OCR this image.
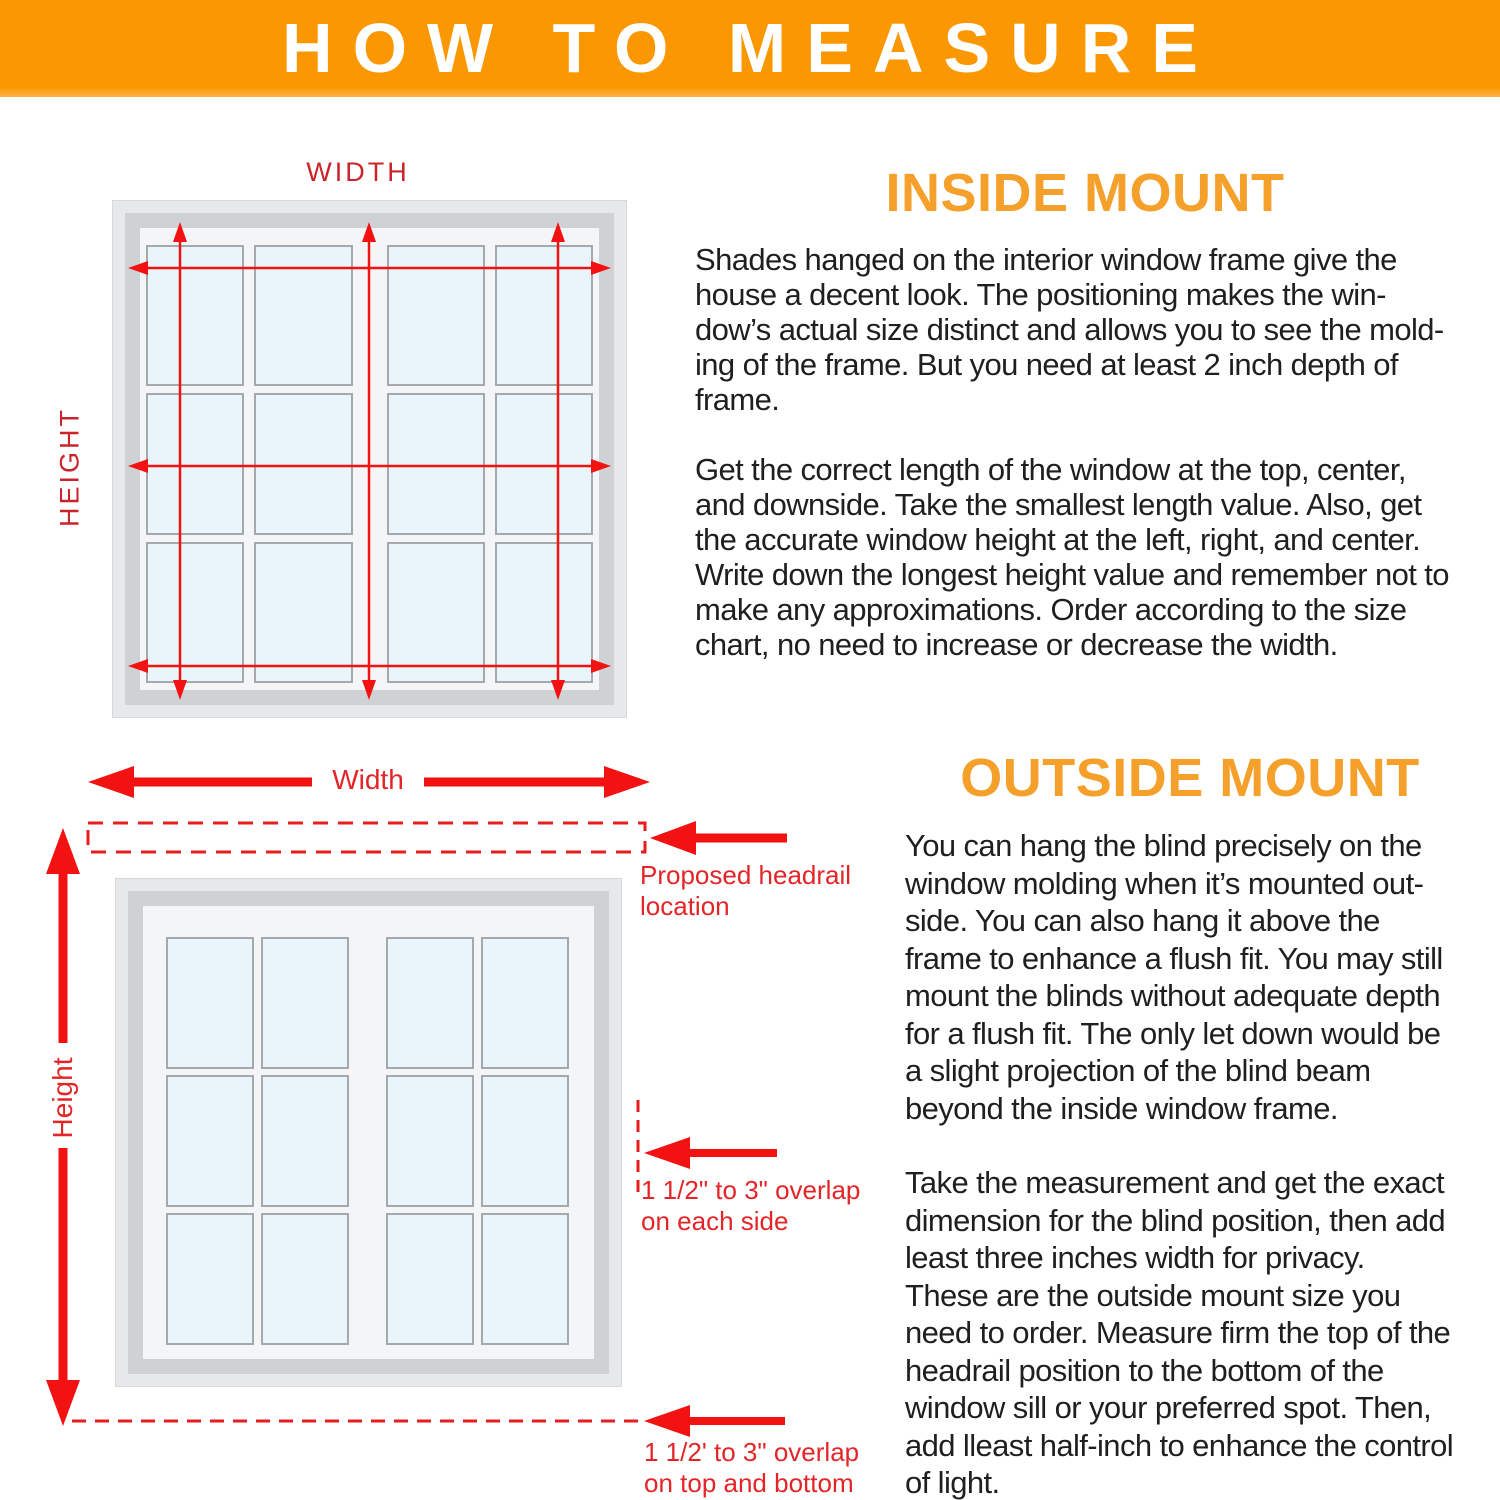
HOW TO MEASURE
WIDTH
HEIGHT
Width
Height
Proposed headrail
location
1 1/2" to 3" overlap
on each side
1 1/2' to 3" overlap
on top and bottom
INSIDE MOUNT
Shades hanged on the interior window frame give the
house a decent look. The positioning makes the win-
dow’s actual size distinct and allows you to see the mold-
ing of the frame. But you need at least 2 inch depth of
frame.
Get the correct length of the window at the top, center,
and downside. Take the smallest length value. Also, get
the accurate window height at the left, right, and center.
Write down the longest height value and remember not to
make any approximations. Order according to the size
chart, no need to increase or decrease the width.
OUTSIDE MOUNT
You can hang the blind precisely on the
window molding when it’s mounted out-
side. You can also hang it above the
frame to enhance a flush fit. You may still
mount the blinds without adequate depth
for a flush fit. The only let down would be
a slight projection of the blind beam
beyond the inside window frame.
Take the measurement and get the exact
dimension for the blind position, then add
least three inches width for privacy.
These are the outside mount size you
need to order. Measure firm the top of the
headrail position to the bottom of the
window sill or your preferred spot. Then,
add lleast half-inch to enhance the control
of light.
